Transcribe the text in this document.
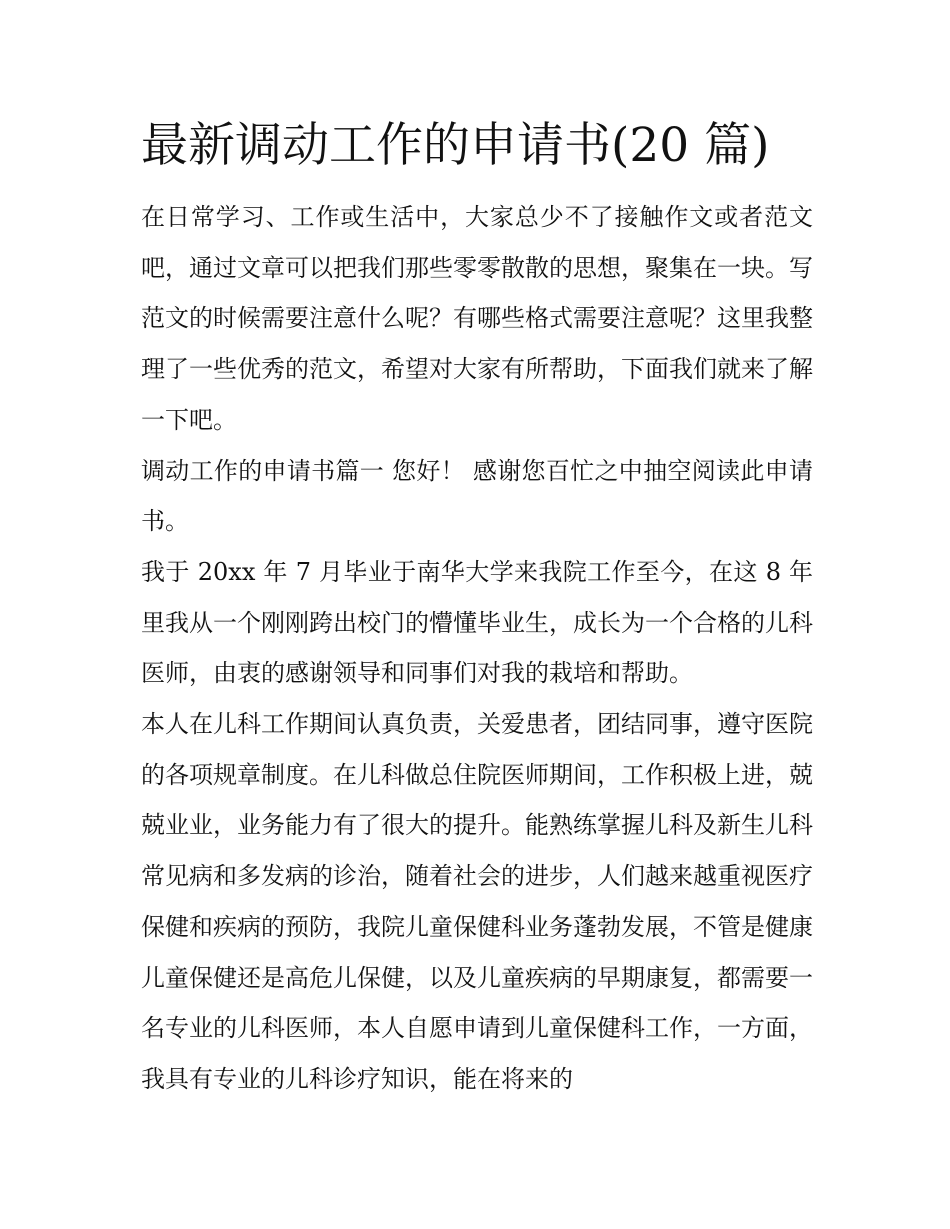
最新调动工作的申请书(20 篇)

在日常学习、工作或生活中，大家总少不了接触作文或者范文吧，通过文章可以把我们那些零零散散的思想，聚集在一块。写范文的时候需要注意什么呢？有哪些格式需要注意呢？这里我整理了一些优秀的范文，希望对大家有所帮助，下面我们就来了解一下吧。

调动工作的申请书篇一 您好！ 感谢您百忙之中抽空阅读此申请书。

我于 20xx 年 7 月毕业于南华大学来我院工作至今，在这 8 年里我从一个刚刚跨出校门的懵懂毕业生，成长为一个合格的儿科医师，由衷的感谢领导和同事们对我的栽培和帮助。

本人在儿科工作期间认真负责，关爱患者，团结同事，遵守医院的各项规章制度。在儿科做总住院医师期间，工作积极上进，兢兢业业，业务能力有了很大的提升。能熟练掌握儿科及新生儿科常见病和多发病的诊治，随着社会的进步，人们越来越重视医疗保健和疾病的预防，我院儿童保健科业务蓬勃发展，不管是健康儿童保健还是高危儿保健，以及儿童疾病的早期康复，都需要一名专业的儿科医师，本人自愿申请到儿童保健科工作，一方面，我具有专业的儿科诊疗知识，能在将来的
